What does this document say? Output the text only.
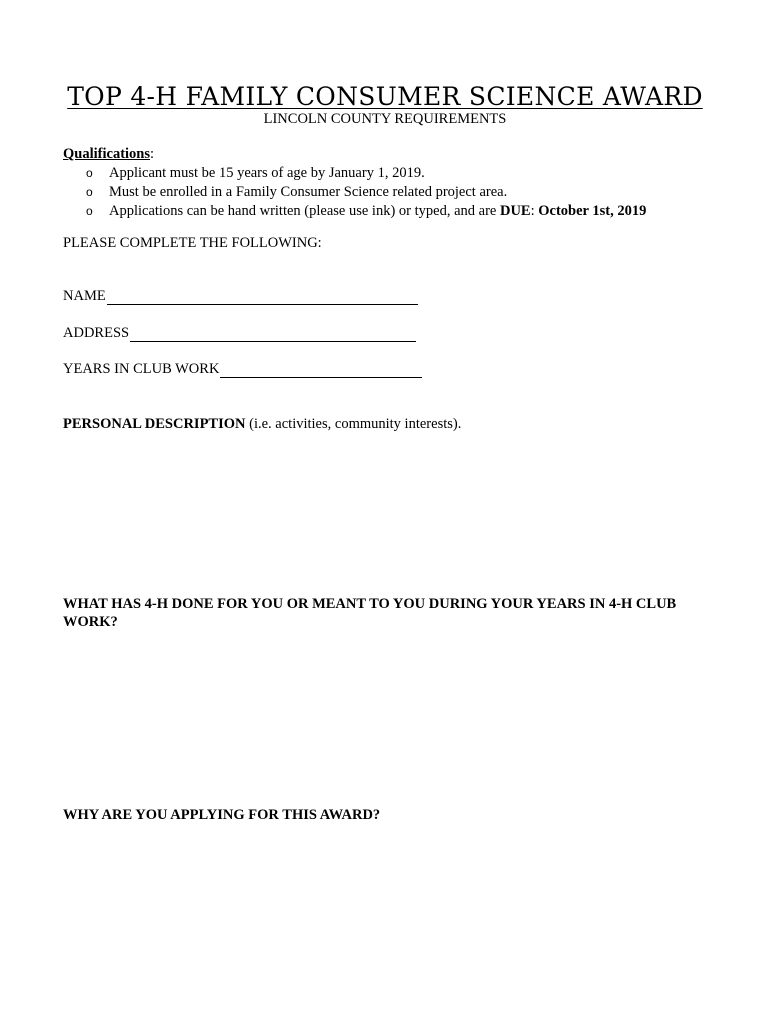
TOP 4-H FAMILY CONSUMER SCIENCE AWARD
LINCOLN COUNTY REQUIREMENTS
Qualifications:
o Applicant must be 15 years of age by January 1, 2019.
o Must be enrolled in a Family Consumer Science related project area.
o Applications can be hand written (please use ink) or typed, and are DUE: October 1st, 2019
PLEASE COMPLETE THE FOLLOWING:
NAME
ADDRESS
YEARS IN CLUB WORK
PERSONAL DESCRIPTION (i.e. activities, community interests).
WHAT HAS 4-H DONE FOR YOU OR MEANT TO YOU DURING YOUR YEARS IN 4-H CLUB WORK?
WHY ARE YOU APPLYING FOR THIS AWARD?
